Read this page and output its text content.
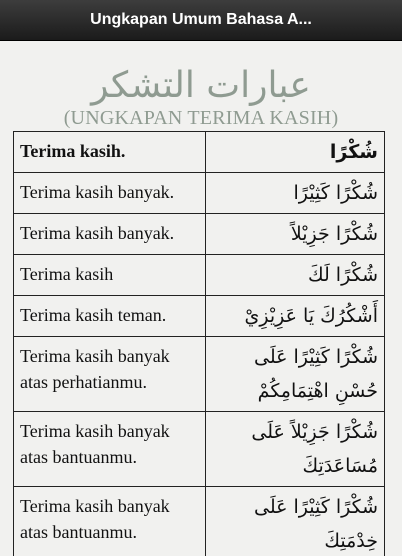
Ungkapan Umum Bahasa A...
عبارات التشكر
(UNGKAPAN TERIMA KASIH)
Terima kasih.	شُكْرًا
Terima kasih banyak.	شُكْرًا كَثِيْرًا
Terima kasih banyak.	شُكْرًا جَزِيْلاً
Terima kasih	شُكْرًا لَكَ
Terima kasih teman.	أَشْكُرُكَ يَا عَزِيْزِيْ
Terima kasih banyak atas perhatianmu.	شُكْرًا كَثِيْرًا عَلَى حُسْنِ اهْتِمَامِكُمْ
Terima kasih banyak atas bantuanmu.	شُكْرًا جَزِيْلاً عَلَى مُسَاعَدَتِكَ
Terima kasih banyak atas bantuanmu.	شُكْرًا كَثِيْرًا عَلَى خِدْمَتِكَ
